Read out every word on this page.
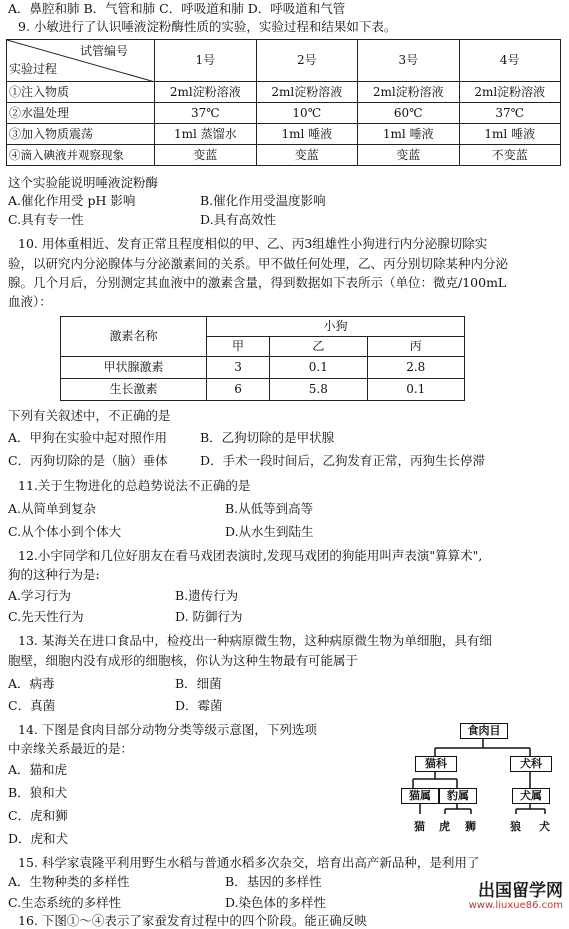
A．鼻腔和肺 B．气管和肺 C．呼吸道和肺 D．呼吸道和气管
9. 小敏进行了认识唾液淀粉酶性质的实验，实验过程和结果如下表。
试管编号
实验过程	1号	2号	3号	4号
①注入物质	2ml淀粉溶液	2ml淀粉溶液	2ml淀粉溶液	2ml淀粉溶液
②水温处理	37℃	10℃	60℃	37℃
③加入物质震荡	1ml 蒸馏水	1ml 唾液	1ml 唾液	1ml 唾液
④滴入碘液并观察现象	变蓝	变蓝	变蓝	不变蓝
这个实验能说明唾液淀粉酶
A.催化作用受 pH 影响	B.催化作用受温度影响
C.具有专一性	D.具有高效性
10. 用体重相近、发育正常且程度相似的甲、乙、丙3组雄性小狗进行内分泌腺切除实
验，以研究内分泌腺体与分泌激素间的关系。甲不做任何处理，乙、丙分别切除某种内分泌
腺。几个月后，分别测定其血液中的激素含量，得到数据如下表所示（单位：微克/100mL
血液）：
激素名称	小狗		
	甲	乙	丙
甲状腺激素	3	0.1	2.8
生长激素	6	5.8	0.1
下列有关叙述中，不正确的是
A．甲狗在实验中起对照作用	B．乙狗切除的是甲状腺
C．丙狗切除的是（脑）垂体	D．手术一段时间后，乙狗发育正常，丙狗生长停滞
11.关于生物进化的总趋势说法不正确的是
A.从简单到复杂	B.从低等到高等
C.从个体小到个体大	D.从水生到陆生
12.小宇同学和几位好朋友在看马戏团表演时,发现马戏团的狗能用叫声表演"算算术",
狗的这种行为是:
A.学习行为	B.遗传行为
C.先天性行为	D. 防御行为
13. 某海关在进口食品中，检疫出一种病原微生物，这种病原微生物为单细胞，具有细
胞壁，细胞内没有成形的细胞核，你认为这种生物最有可能属于
A．病毒	B．细菌
C．真菌	D．霉菌
14. 下图是食肉目部分动物分类等级示意图，下列选项
中亲缘关系最近的是：
A．猫和虎
B．狼和犬
C．虎和狮
D．虎和犬
食肉目
猫科	犬科
猫属	豹属	犬属
猫 虎 狮	狼 犬
15. 科学家袁隆平利用野生水稻与普通水稻多次杂交，培育出高产新品种，是利用了
A．生物种类的多样性	B．基因的多样性
C.生态系统的多样性	D.染色体的多样性
16. 下图①～④表示了家蚕发育过程中的四个阶段。能正确反映
出国留学网
www.liuxue86.com
